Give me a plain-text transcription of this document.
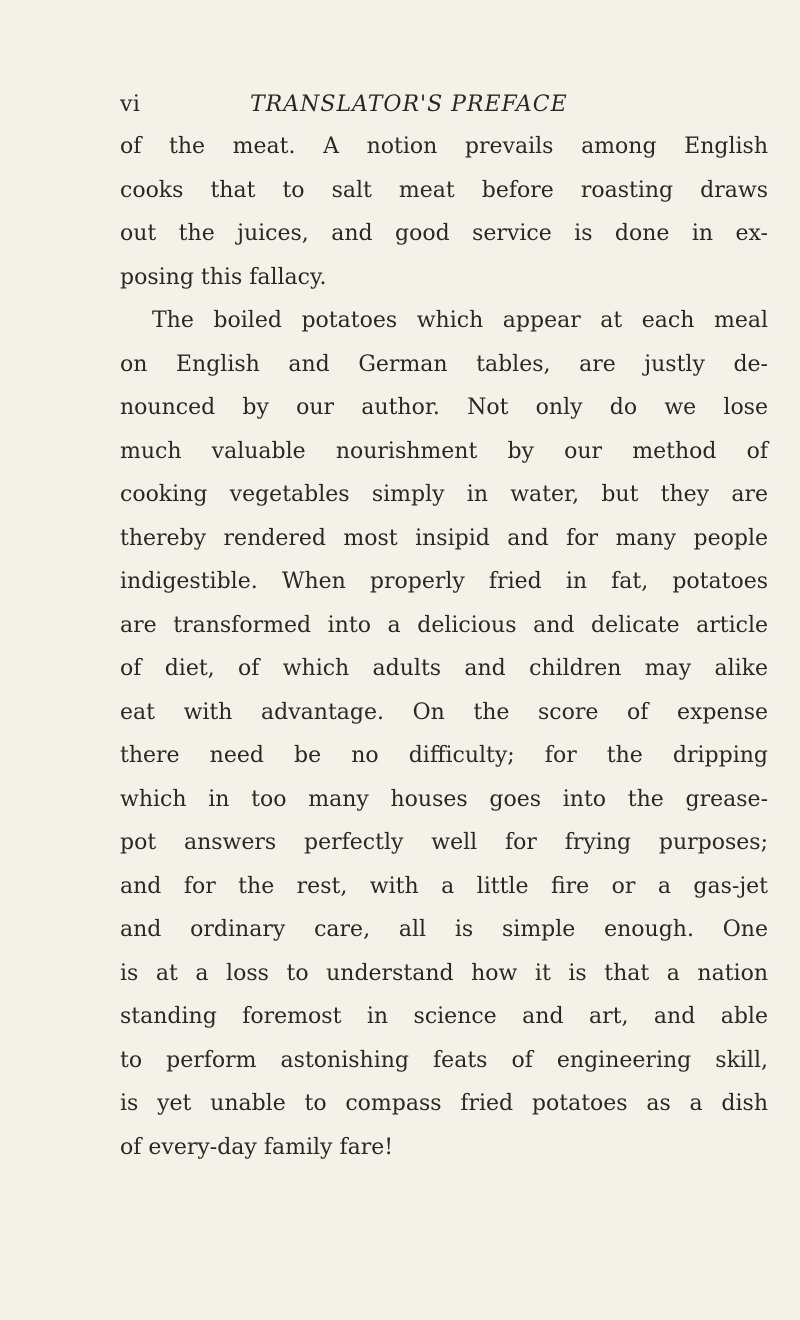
vi	TRANSLATOR'S PREFACE
of the meat. A notion prevails among English
cooks that to salt meat before roasting draws
out the juices, and good service is done in ex-
posing this fallacy.
The boiled potatoes which appear at each meal
on English and German tables, are justly de-
nounced by our author. Not only do we lose
much valuable nourishment by our method of
cooking vegetables simply in water, but they are
thereby rendered most insipid and for many people
indigestible. When properly fried in fat, potatoes
are transformed into a delicious and delicate article
of diet, of which adults and children may alike
eat with advantage. On the score of expense
there need be no difficulty; for the dripping
which in too many houses goes into the grease-
pot answers perfectly well for frying purposes;
and for the rest, with a little fire or a gas-jet
and ordinary care, all is simple enough. One
is at a loss to understand how it is that a nation
standing foremost in science and art, and able
to perform astonishing feats of engineering skill,
is yet unable to compass fried potatoes as a dish
of every-day family fare!
